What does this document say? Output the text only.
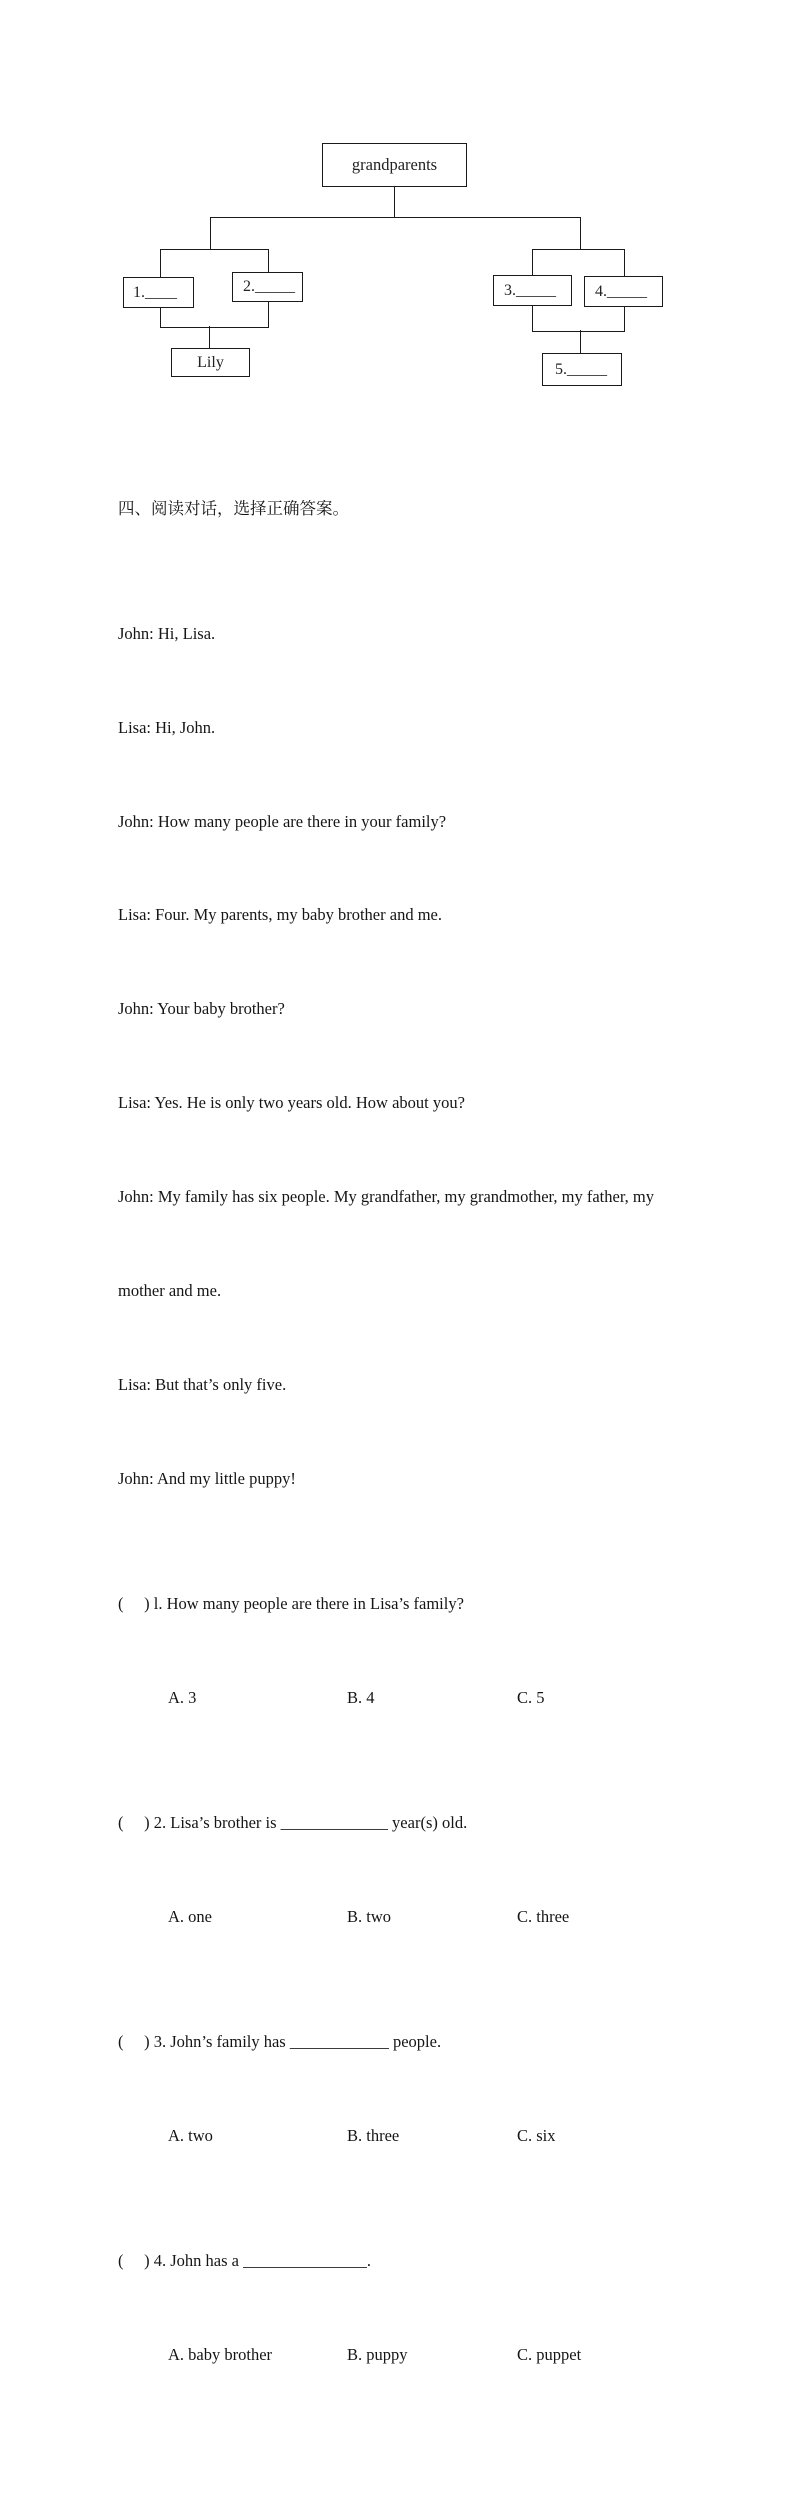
grandparents
1.____	2._____	3._____	4._____
Lily	5._____

四、阅读对话，选择正确答案。

John: Hi, Lisa.

Lisa: Hi, John.

John: How many people are there in your family?

Lisa: Four. My parents, my baby brother and me.

John: Your baby brother?

Lisa: Yes. He is only two years old. How about you?

John: My family has six people. My grandfather, my grandmother, my father, my

mother and me.

Lisa: But that’s only five.

John: And my little puppy!

(     ) l. How many people are there in Lisa’s family?

A. 3

	B. 4

	C. 5

(     ) 2. Lisa’s brother is _____________ year(s) old.

A. one

	B. two

	C. three

(     ) 3. John’s family has ____________ people.

A. two

	B. three

	C. six

(     ) 4. John has a _______________.

A. baby brother

	B. puppy

	C. puppet
